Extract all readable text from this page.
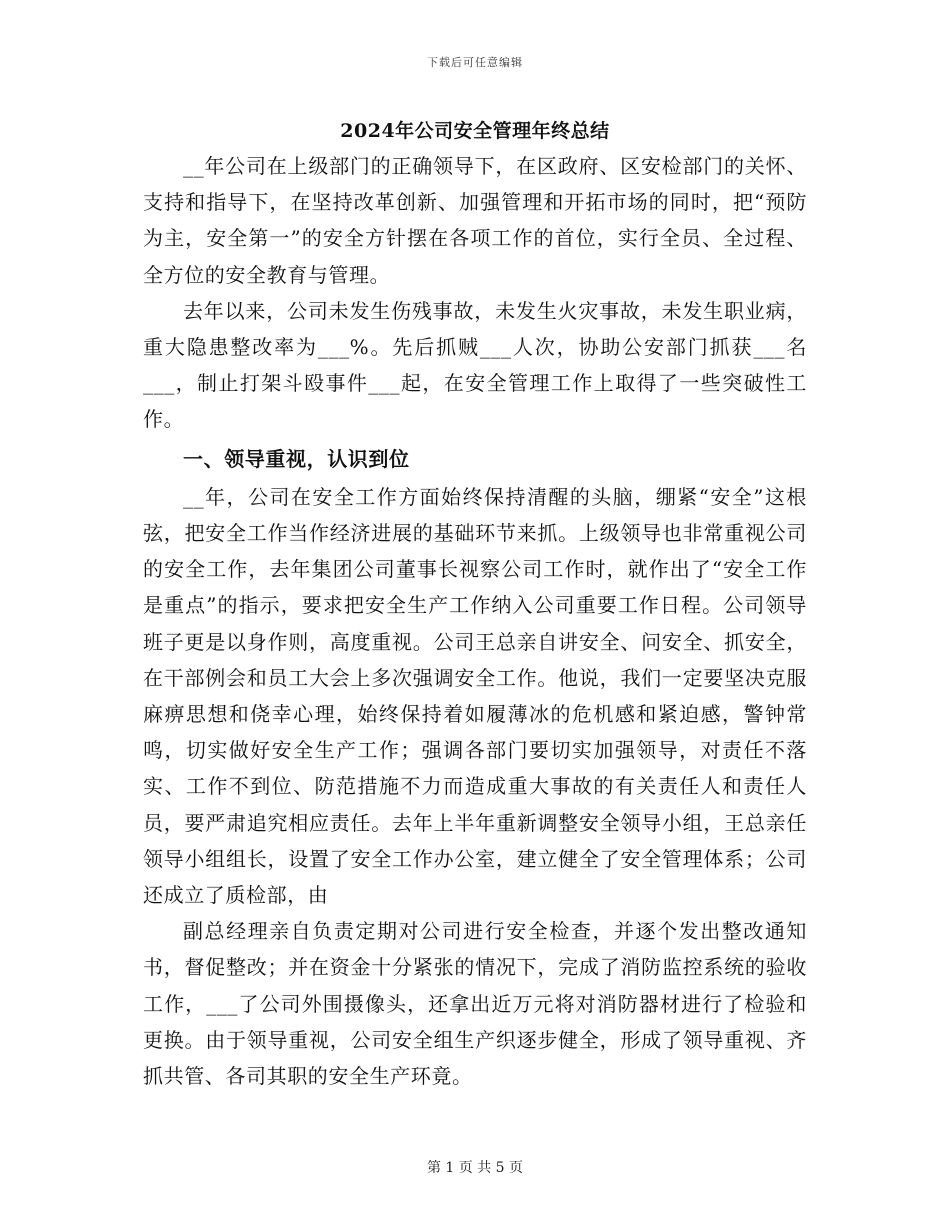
下载后可任意编辑
2024年公司安全管理年终总结

__年公司在上级部门的正确领导下，在区政府、区安检部门的关怀、支持和指导下，在坚持改革创新、加强管理和开拓市场的同时，把“预防为主，安全第一”的安全方针摆在各项工作的首位，实行全员、全过程、全方位的安全教育与管理。

去年以来，公司未发生伤残事故，未发生火灾事故，未发生职业病，重大隐患整改率为___%。先后抓贼___人次，协助公安部门抓获___名___，制止打架斗殴事件___起，在安全管理工作上取得了一些突破性工作。

一、领导重视，认识到位

__年，公司在安全工作方面始终保持清醒的头脑，绷紧“安全”这根弦，把安全工作当作经济进展的基础环节来抓。上级领导也非常重视公司的安全工作，去年集团公司董事长视察公司工作时，就作出了“安全工作是重点”的指示，要求把安全生产工作纳入公司重要工作日程。公司领导班子更是以身作则，高度重视。公司王总亲自讲安全、问安全、抓安全，在干部例会和员工大会上多次强调安全工作。他说，我们一定要坚决克服麻痹思想和侥幸心理，始终保持着如履薄冰的危机感和紧迫感，警钟常鸣，切实做好安全生产工作；强调各部门要切实加强领导，对责任不落实、工作不到位、防范措施不力而造成重大事故的有关责任人和责任人员，要严肃追究相应责任。去年上半年重新调整安全领导小组，王总亲任领导小组组长，设置了安全工作办公室，建立健全了安全管理体系；公司还成立了质检部，由

副总经理亲自负责定期对公司进行安全检查，并逐个发出整改通知书，督促整改；并在资金十分紧张的情况下，完成了消防监控系统的验收工作，___了公司外围摄像头，还拿出近万元将对消防器材进行了检验和更换。由于领导重视，公司安全组生产织逐步健全，形成了领导重视、齐抓共管、各司其职的安全生产环竟。

第 1 页 共 5 页
